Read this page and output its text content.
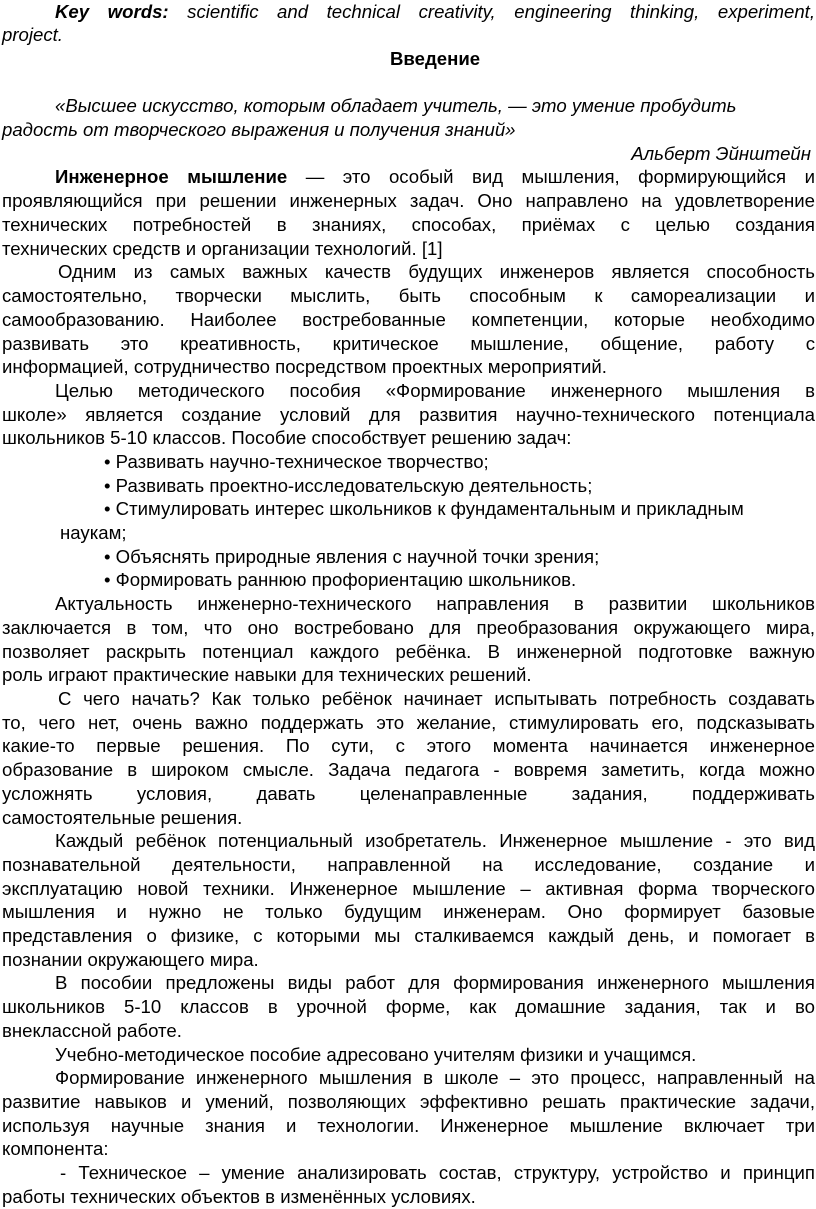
Key words: scientific and technical creativity, engineering thinking, experiment,
project.
Введение
«Высшее искусство, которым обладает учитель, — это умение пробудить
радость от творческого выражения и получения знаний»
Альберт Эйнштейн
Инженерное мышление — это особый вид мышления, формирующийся и
проявляющийся при решении инженерных задач. Оно направлено на удовлетворение
технических потребностей в знаниях, способах, приёмах с целью создания
технических средств и организации технологий. [1]
Одним из самых важных качеств будущих инженеров является способность
самостоятельно, творчески мыслить, быть способным к самореализации и
самообразованию. Наиболее востребованные компетенции, которые необходимо
развивать это креативность, критическое мышление, общение, работу с
информацией, сотрудничество посредством проектных мероприятий.
Целью методического пособия «Формирование инженерного мышления в
школе» является создание условий для развития научно-технического потенциала
школьников 5-10 классов. Пособие способствует решению задач:
• Развивать научно-техническое творчество;
• Развивать проектно-исследовательскую деятельность;
• Стимулировать интерес школьников к фундаментальным и прикладным
наукам;
• Объяснять природные явления с научной точки зрения;
• Формировать раннюю профориентацию школьников.
Актуальность инженерно-технического направления в развитии школьников
заключается в том, что оно востребовано для преобразования окружающего мира,
позволяет раскрыть потенциал каждого ребёнка. В инженерной подготовке важную
роль играют практические навыки для технических решений.
С чего начать? Как только ребёнок начинает испытывать потребность создавать
то, чего нет, очень важно поддержать это желание, стимулировать его, подсказывать
какие-то первые решения. По сути, с этого момента начинается инженерное
образование в широком смысле. Задача педагога - вовремя заметить, когда можно
усложнять условия, давать целенаправленные задания, поддерживать
самостоятельные решения.
Каждый ребёнок потенциальный изобретатель. Инженерное мышление - это вид
познавательной деятельности, направленной на исследование, создание и
эксплуатацию новой техники. Инженерное мышление – активная форма творческого
мышления и нужно не только будущим инженерам. Оно формирует базовые
представления о физике, с которыми мы сталкиваемся каждый день, и помогает в
познании окружающего мира.
В пособии предложены виды работ для формирования инженерного мышления
школьников 5-10 классов в урочной форме, как домашние задания, так и во
внеклассной работе.
Учебно-методическое пособие адресовано учителям физики и учащимся.
Формирование инженерного мышления в школе – это процесс, направленный на
развитие навыков и умений, позволяющих эффективно решать практические задачи,
используя научные знания и технологии. Инженерное мышление включает три
компонента:
- Техническое – умение анализировать состав, структуру, устройство и принцип
работы технических объектов в изменённых условиях.
